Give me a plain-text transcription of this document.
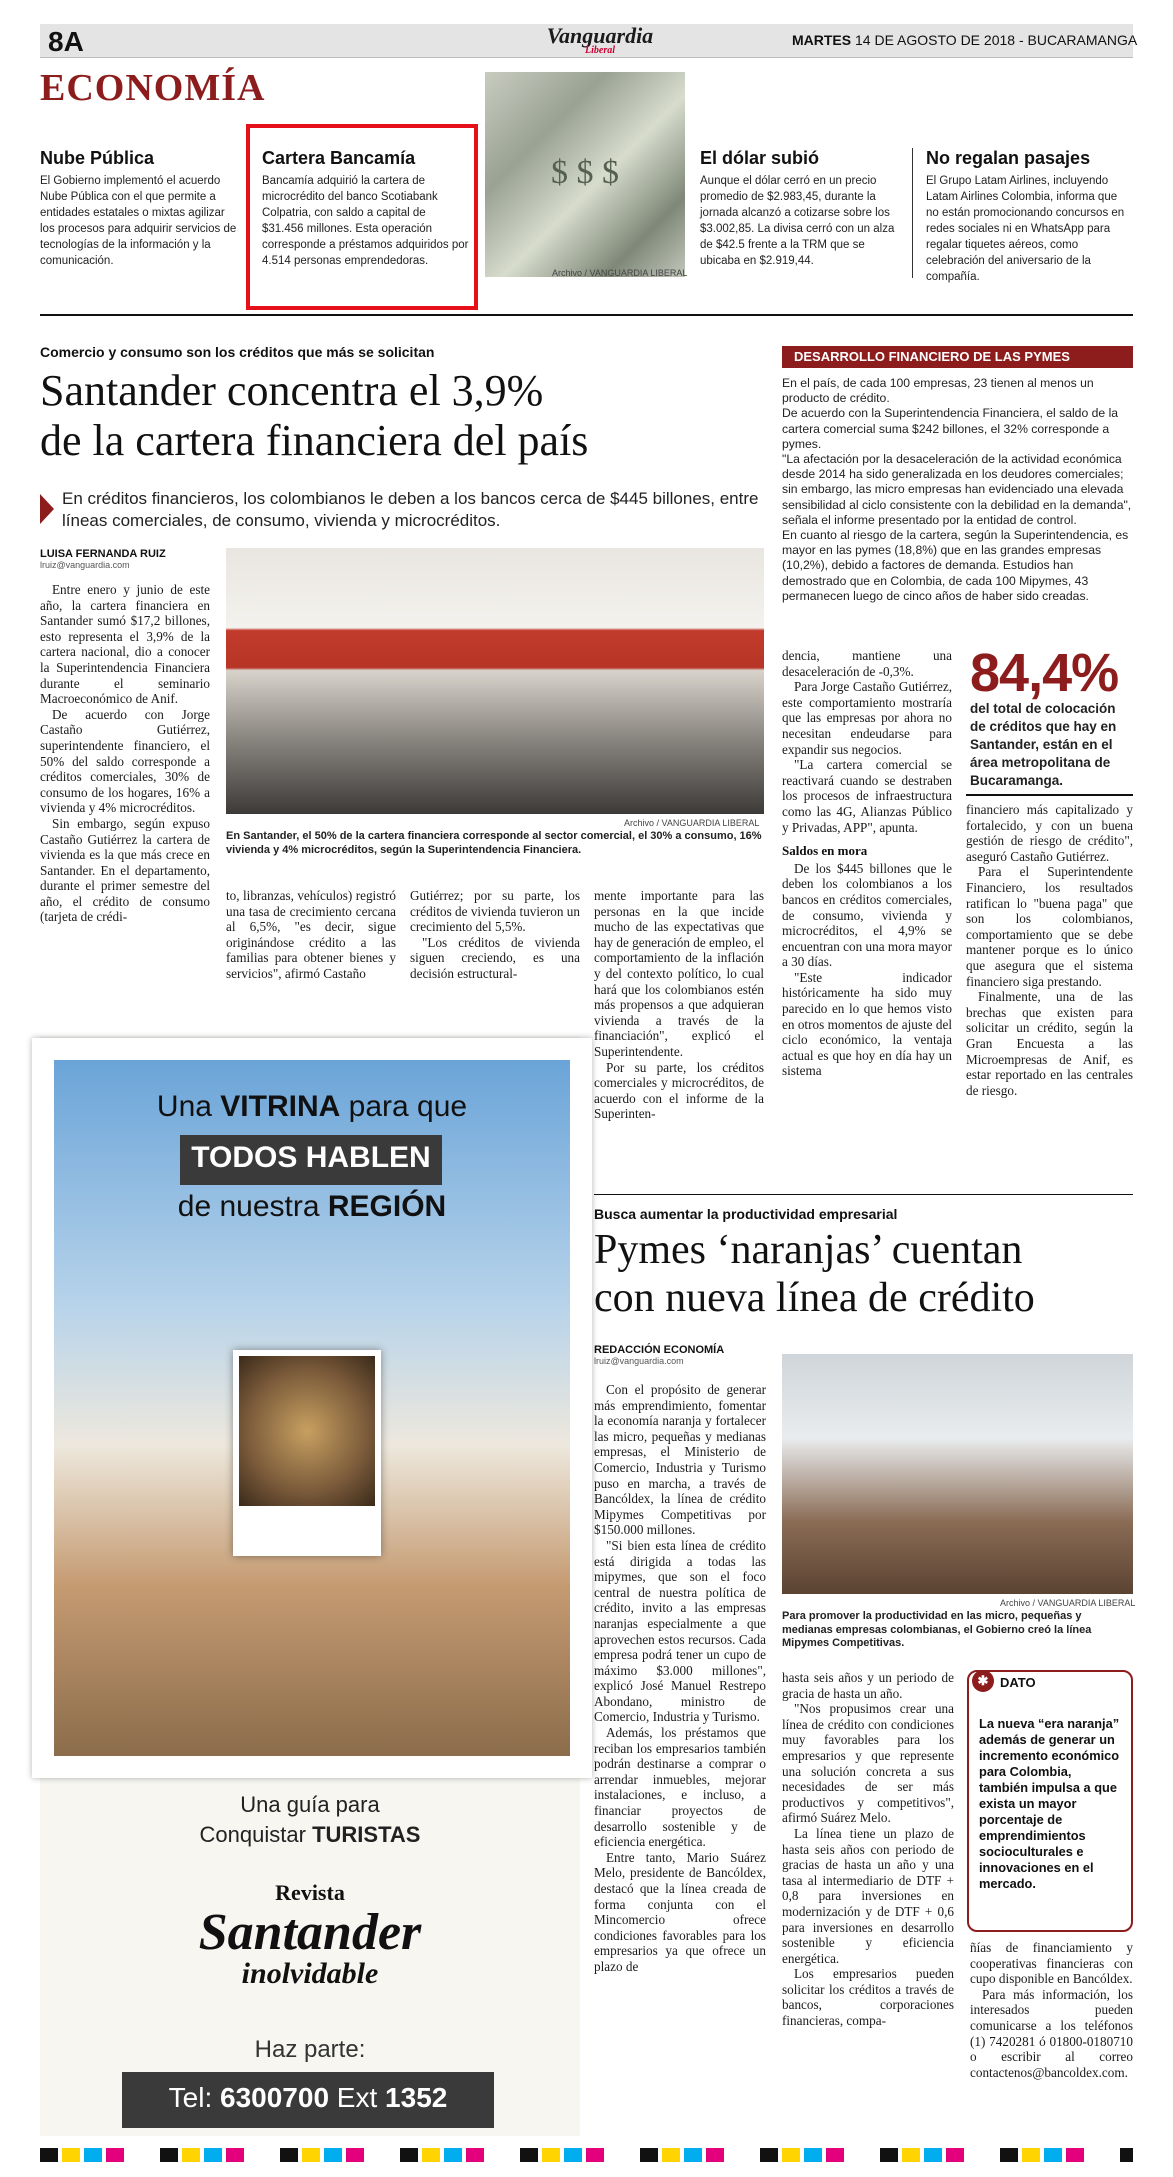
8A	Vanguardia
Liberal
MARTES 14 DE AGOSTO DE 2018 - BUCARAMANGA
ECONOMÍA
Nube Pública

El Gobierno implementó el acuerdo Nube Pública con el que permite a entidades estatales o mixtas agilizar los procesos para adquirir servicios de tecnologías de la información y la comunicación.

Cartera Bancamía

Bancamía adquirió la cartera de microcrédito del banco Scotiabank Colpatria, con saldo a capital de $31.456 millones. Esta operación corresponde a préstamos adquiridos por 4.514 personas emprendedoras.

$ $ $
Archivo / VANGUARDIA LIBERAL
El dólar subió

Aunque el dólar cerró en un precio promedio de $2.983,45, durante la jornada alcanzó a cotizarse sobre los $3.002,85. La divisa cerró con un alza de $42.5 frente a la TRM que se ubicaba en $2.919,44.

No regalan pasajes

El Grupo Latam Airlines, incluyendo Latam Airlines Colombia, informa que no están promocionando concursos en redes sociales ni en WhatsApp para regalar tiquetes aéreos, como celebración del aniversario de la compañía.

Comercio y consumo son los créditos que más se solicitan
Santander concentra el 3,9%
de la cartera financiera del país
En créditos financieros, los colombianos le deben a los bancos cerca de $445 billones, entre líneas comerciales, de consumo, vivienda y microcréditos.
LUISA FERNANDA RUIZ
lruiz@vanguardia.com

Entre enero y junio de este año, la cartera financiera en Santander sumó $17,2 billones, esto representa el 3,9% de la cartera nacional, dio a conocer la Superintendencia Financiera durante el seminario Macroeconómico de Anif.

De acuerdo con Jorge Castaño Gutiérrez, superintendente financiero, el 50% del saldo corresponde a créditos comerciales, 30% de consumo de los hogares, 16% a vivienda y 4% microcréditos.

Sin embargo, según expuso Castaño Gutiérrez la cartera de vivienda es la que más crece en Santander. En el departamento, durante el primer semestre del año, el crédito de consumo (tarjeta de crédi-

Archivo / VANGUARDIA LIBERAL
En Santander, el 50% de la cartera financiera corresponde al sector comercial, el 30% a consumo, 16% vivienda y 4% microcréditos, según la Superintendencia Financiera.

to, libranzas, vehículos) registró una tasa de crecimiento cercana al 6,5%, "es decir, sigue originándose crédito a las familias para obtener bienes y servicios", afirmó Castaño

Gutiérrez; por su parte, los créditos de vivienda tuvieron un crecimiento del 5,5%.

"Los créditos de vivienda siguen creciendo, es una decisión estructural-

mente importante para las personas en la que incide mucho de las expectativas que hay de generación de empleo, el comportamiento de la inflación y del contexto político, lo cual hará que los colombianos estén más propensos a que adquieran vivienda a través de la financiación", explicó el Superintendente.

Por su parte, los créditos comerciales y microcréditos, de acuerdo con el informe de la Superinten-

dencia, mantiene una desaceleración de -0,3%.

Para Jorge Castaño Gutiérrez, este comportamiento mostraría que las empresas por ahora no necesitan endeudarse para expandir sus negocios.

"La cartera comercial se reactivará cuando se destraben los procesos de infraestructura como las 4G, Alianzas Público y Privadas, APP", apunta.

Saldos en mora

De los $445 billones que le deben los colombianos a los bancos en créditos comerciales, de consumo, vivienda y microcréditos, el 4,9% se encuentran con una mora mayor a 30 días.

"Este indicador históricamente ha sido muy parecido en lo que hemos visto en otros momentos de ajuste del ciclo económico, la ventaja actual es que hoy en día hay un sistema

financiero más capitalizado y fortalecido, y con un buena gestión de riesgo de crédito", aseguró Castaño Gutiérrez.

Para el Superintendente Financiero, los resultados ratifican lo "buena paga" que son los colombianos, comportamiento que se debe mantener porque es lo único que asegura que el sistema financiero siga prestando.

Finalmente, una de las brechas que existen para solicitar un crédito, según la Gran Encuesta a las Microempresas de Anif, es estar reportado en las centrales de riesgo.

DESARROLLO FINANCIERO DE LAS PYMES
En el país, de cada 100 empresas, 23 tienen al menos un producto de crédito.
De acuerdo con la Superintendencia Financiera, el saldo de la cartera comercial suma $242 billones, el 32% corresponde a pymes.
"La afectación por la desaceleración de la actividad económica desde 2014 ha sido generalizada en los deudores comerciales; sin embargo, las micro empresas han evidenciado una elevada sensibilidad al ciclo consistente con la debilidad en la demanda", señala el informe presentado por la entidad de control.
En cuanto al riesgo de la cartera, según la Superintendencia, es mayor en las pymes (18,8%) que en las grandes empresas (10,2%), debido a factores de demanda. Estudios han demostrado que en Colombia, de cada 100 Mipymes, 43 permanecen luego de cinco años de haber sido creadas.
84,4%
del total de colocación de créditos que hay en Santander, están en el área metropolitana de Bucaramanga.
Una VITRINA para que
TODOS HABLEN
de nuestra REGIÓN
Una guía para
Conquistar TURISTAS
Revista
Santander
inolvidable
Haz parte:
Tel: 6300700 Ext 1352
Busca aumentar la productividad empresarial
Pymes ‘naranjas’ cuentan
con nueva línea de crédito
REDACCIÓN ECONOMÍA
lruiz@vanguardia.com
Archivo / VANGUARDIA LIBERAL
Para promover la productividad en las micro, pequeñas y medianas empresas colombianas, el Gobierno creó la línea Mipymes Competitivas.

Con el propósito de generar más emprendimiento, fomentar la economía naranja y fortalecer las micro, pequeñas y medianas empresas, el Ministerio de Comercio, Industria y Turismo puso en marcha, a través de Bancóldex, la línea de crédito Mipymes Competitivas por $150.000 millones.

"Si bien esta línea de crédito está dirigida a todas las mipymes, que son el foco central de nuestra política de crédito, invito a las empresas naranjas especialmente a que aprovechen estos recursos. Cada empresa podrá tener un cupo de máximo $3.000 millones", explicó José Manuel Restrepo Abondano, ministro de Comercio, Industria y Turismo.

Además, los préstamos que reciban los empresarios también podrán destinarse a comprar o arrendar inmuebles, mejorar instalaciones, e incluso, a financiar proyectos de desarrollo sostenible y de eficiencia energética.

Entre tanto, Mario Suárez Melo, presidente de Bancóldex, destacó que la línea creada de forma conjunta con el Mincomercio ofrece condiciones favorables para los empresarios ya que ofrece un plazo de

hasta seis años y un periodo de gracia de hasta un año.

"Nos propusimos crear una línea de crédito con condiciones muy favorables para los empresarios y que represente una solución concreta a sus necesidades de ser más productivos y competitivos", afirmó Suárez Melo.

La línea tiene un plazo de hasta seis años con periodo de gracias de hasta un año y una tasa al intermediario de DTF + 0,8 para inversiones en modernización y de DTF + 0,6 para inversiones en desarrollo sostenible y eficiencia energética.

Los empresarios pueden solicitar los créditos a través de bancos, corporaciones financieras, compa-

La nueva “era naranja” además de generar un incremento económico para Colombia, también impulsa a que exista un mayor porcentaje de emprendimientos socioculturales e innovaciones en el mercado.

✱ DATO

ñías de financiamiento y cooperativas financieras con cupo disponible en Bancóldex.

Para más información, los interesados pueden comunicarse a los teléfonos (1) 7420281 ó 01800-0180710 o escribir al correo contactenos@bancoldex.com.
